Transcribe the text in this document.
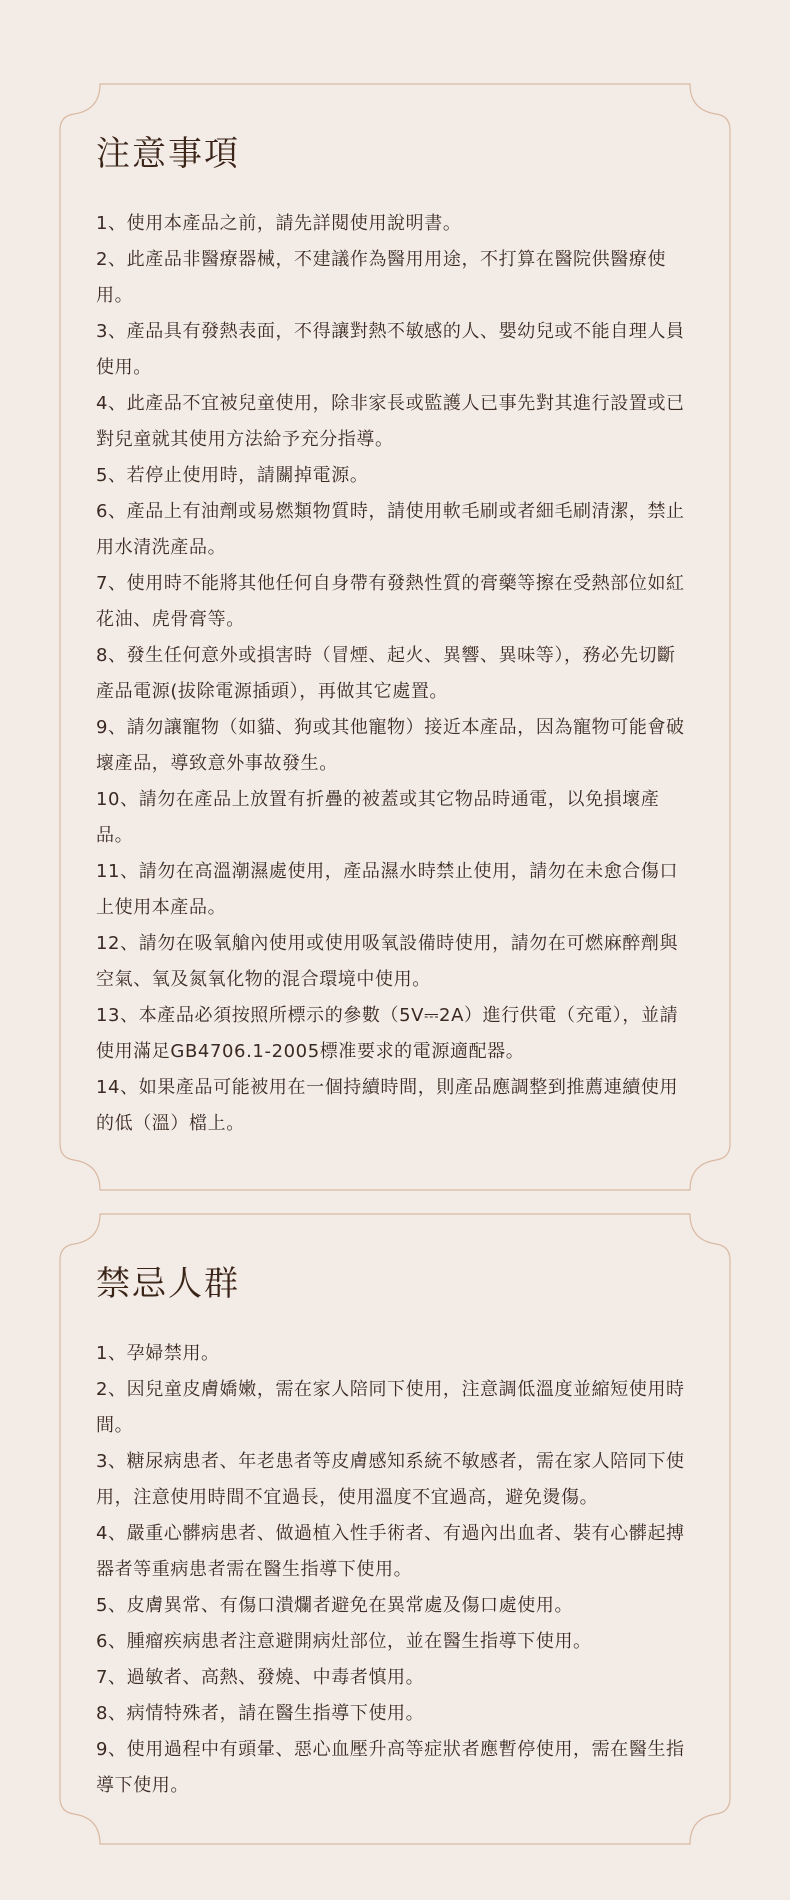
注意事項
1、使用本產品之前，請先詳閱使用說明書。
2、此產品非醫療器械，不建議作為醫用用途，不打算在醫院供醫療使用。
3、產品具有發熱表面，不得讓對熱不敏感的人、嬰幼兒或不能自理人員使用。
4、此產品不宜被兒童使用，除非家長或監護人已事先對其進行設置或已對兒童就其使用方法給予充分指導。
5、若停止使用時，請關掉電源。
6、產品上有油劑或易燃類物質時，請使用軟毛刷或者細毛刷清潔，禁止用水清洗產品。
7、使用時不能將其他任何自身帶有發熱性質的膏藥等擦在受熱部位如紅花油、虎骨膏等。
8、發生任何意外或損害時（冒煙、起火、異響、異味等），務必先切斷產品電源(拔除電源插頭），再做其它處置。
9、請勿讓寵物（如貓、狗或其他寵物）接近本產品，因為寵物可能會破壞產品，導致意外事故發生。
10、請勿在產品上放置有折疊的被蓋或其它物品時通電，以免損壞產品。
11、請勿在高溫潮濕處使用，產品濕水時禁止使用，請勿在未愈合傷口上使用本產品。
12、請勿在吸氧艙內使用或使用吸氧設備時使用，請勿在可燃麻醉劑與空氣、氧及氮氧化物的混合環境中使用。
13、本產品必須按照所標示的參數（5V⎓2A）進行供電（充電），並請使用滿足GB4706.1-2005標准要求的電源適配器。
14、如果產品可能被用在一個持續時間，則產品應調整到推薦連續使用的低（溫）檔上。
禁忌人群
1、孕婦禁用。
2、因兒童皮膚嬌嫩，需在家人陪同下使用，注意調低溫度並縮短使用時間。
3、糖尿病患者、年老患者等皮膚感知系統不敏感者，需在家人陪同下使用，注意使用時間不宜過長，使用溫度不宜過高，避免燙傷。
4、嚴重心髒病患者、做過植入性手術者、有過內出血者、裝有心髒起搏器者等重病患者需在醫生指導下使用。
5、皮膚異常、有傷口潰爛者避免在異常處及傷口處使用。
6、腫瘤疾病患者注意避開病灶部位，並在醫生指導下使用。
7、過敏者、高熱、發燒、中毒者慎用。
8、病情特殊者，請在醫生指導下使用。
9、使用過程中有頭暈、惡心血壓升高等症狀者應暫停使用，需在醫生指導下使用。
